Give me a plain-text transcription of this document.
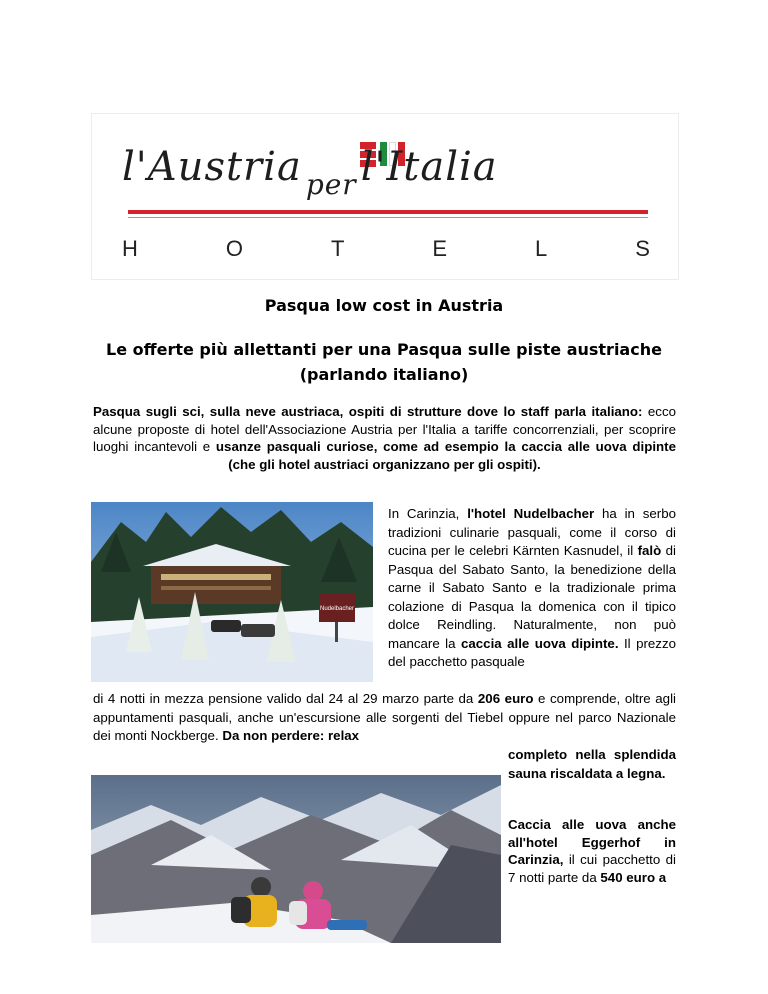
l'Austria $_{per}$ l'Italia
H	O	T	E	L	S
Pasqua low cost in Austria
Le offerte più allettanti per una Pasqua sulle piste austriache
(parlando italiano)
Pasqua sugli sci, sulla neve austriaca, ospiti di strutture dove lo staff parla italiano: ecco alcune proposte di hotel dell'Associazione Austria per l'Italia a tariffe concorrenziali, per scoprire luoghi incantevoli e usanze pasquali curiose, come ad esempio la caccia alle uova dipinte (che gli hotel austriaci organizzano per gli ospiti).
Nudelbacher
In Carinzia, l'hotel Nudelbacher ha in serbo tradizioni culinarie pasquali, come il corso di cucina per le celebri Kärnten Kasnudel, il falò di Pasqua del Sabato Santo, la benedizione della carne il Sabato Santo e la tradizionale prima colazione di Pasqua la domenica con il tipico dolce Reindling. Naturalmente, non può mancare la caccia alle uova dipinte. Il prezzo del pacchetto pasquale
di 4 notti in mezza pensione valido dal 24 al 29 marzo parte da 206 euro e comprende, oltre agli appuntamenti pasquali, anche un'escursione alle sorgenti del Tiebel oppure nel parco Nazionale dei monti Nockberge. Da non perdere: relax
completo nella splendida sauna riscaldata a legna.
Caccia alle uova anche all'hotel Eggerhof in Carinzia, il cui pacchetto di 7 notti parte da 540 euro a
